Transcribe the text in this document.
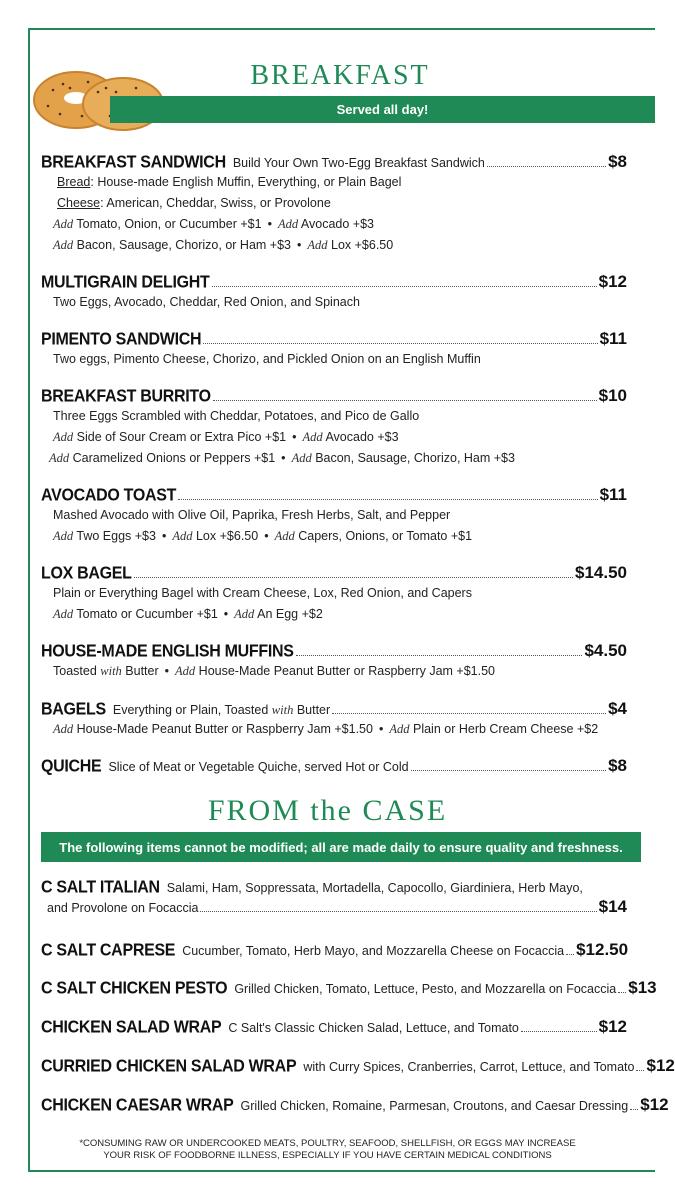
BREAKFAST
Served all day!
BREAKFAST SANDWICH Build Your Own Two-Egg Breakfast Sandwich	$8
Bread: House-made English Muffin, Everything, or Plain Bagel
Cheese: American, Cheddar, Swiss, or Provolone
Add Tomato, Onion, or Cucumber +$1 • Add Avocado +$3
Add Bacon, Sausage, Chorizo, or Ham +$3 • Add Lox +$6.50
MULTIGRAIN DELIGHT	$12
Two Eggs, Avocado, Cheddar, Red Onion, and Spinach
PIMENTO SANDWICH	$11
Two eggs, Pimento Cheese, Chorizo, and Pickled Onion on an English Muffin
BREAKFAST BURRITO	$10
Three Eggs Scrambled with Cheddar, Potatoes, and Pico de Gallo
Add Side of Sour Cream or Extra Pico +$1 • Add Avocado +$3
Add Caramelized Onions or Peppers +$1 • Add Bacon, Sausage, Chorizo, Ham +$3
AVOCADO TOAST	$11
Mashed Avocado with Olive Oil, Paprika, Fresh Herbs, Salt, and Pepper
Add Two Eggs +$3 • Add Lox +$6.50 • Add Capers, Onions, or Tomato +$1
LOX BAGEL	$14.50
Plain or Everything Bagel with Cream Cheese, Lox, Red Onion, and Capers
Add Tomato or Cucumber +$1 • Add An Egg +$2
HOUSE-MADE ENGLISH MUFFINS	$4.50
Toasted with Butter • Add House-Made Peanut Butter or Raspberry Jam +$1.50
BAGELS Everything or Plain, Toasted with Butter	$4
Add House-Made Peanut Butter or Raspberry Jam +$1.50 • Add Plain or Herb Cream Cheese +$2
QUICHE Slice of Meat or Vegetable Quiche, served Hot or Cold	$8
FROM the CASE
The following items cannot be modified; all are made daily to ensure quality and freshness.
C SALT ITALIAN Salami, Ham, Soppressata, Mortadella, Capocollo, Giardiniera, Herb Mayo,
and Provolone on Focaccia	$14
C SALT CAPRESE Cucumber, Tomato, Herb Mayo, and Mozzarella Cheese on Focaccia $12.50
C SALT CHICKEN PESTO Grilled Chicken, Tomato, Lettuce, Pesto, and Mozzarella on Focaccia $13
CHICKEN SALAD WRAP C Salt's Classic Chicken Salad, Lettuce, and Tomato	$12
CURRIED CHICKEN SALAD WRAP with Curry Spices, Cranberries, Carrot, Lettuce, and Tomato $12
CHICKEN CAESAR WRAP Grilled Chicken, Romaine, Parmesan, Croutons, and Caesar Dressing $12
*CONSUMING RAW OR UNDERCOOKED MEATS, POULTRY, SEAFOOD, SHELLFISH, OR EGGS MAY INCREASE
YOUR RISK OF FOODBORNE ILLNESS, ESPECIALLY IF YOU HAVE CERTAIN MEDICAL CONDITIONS
